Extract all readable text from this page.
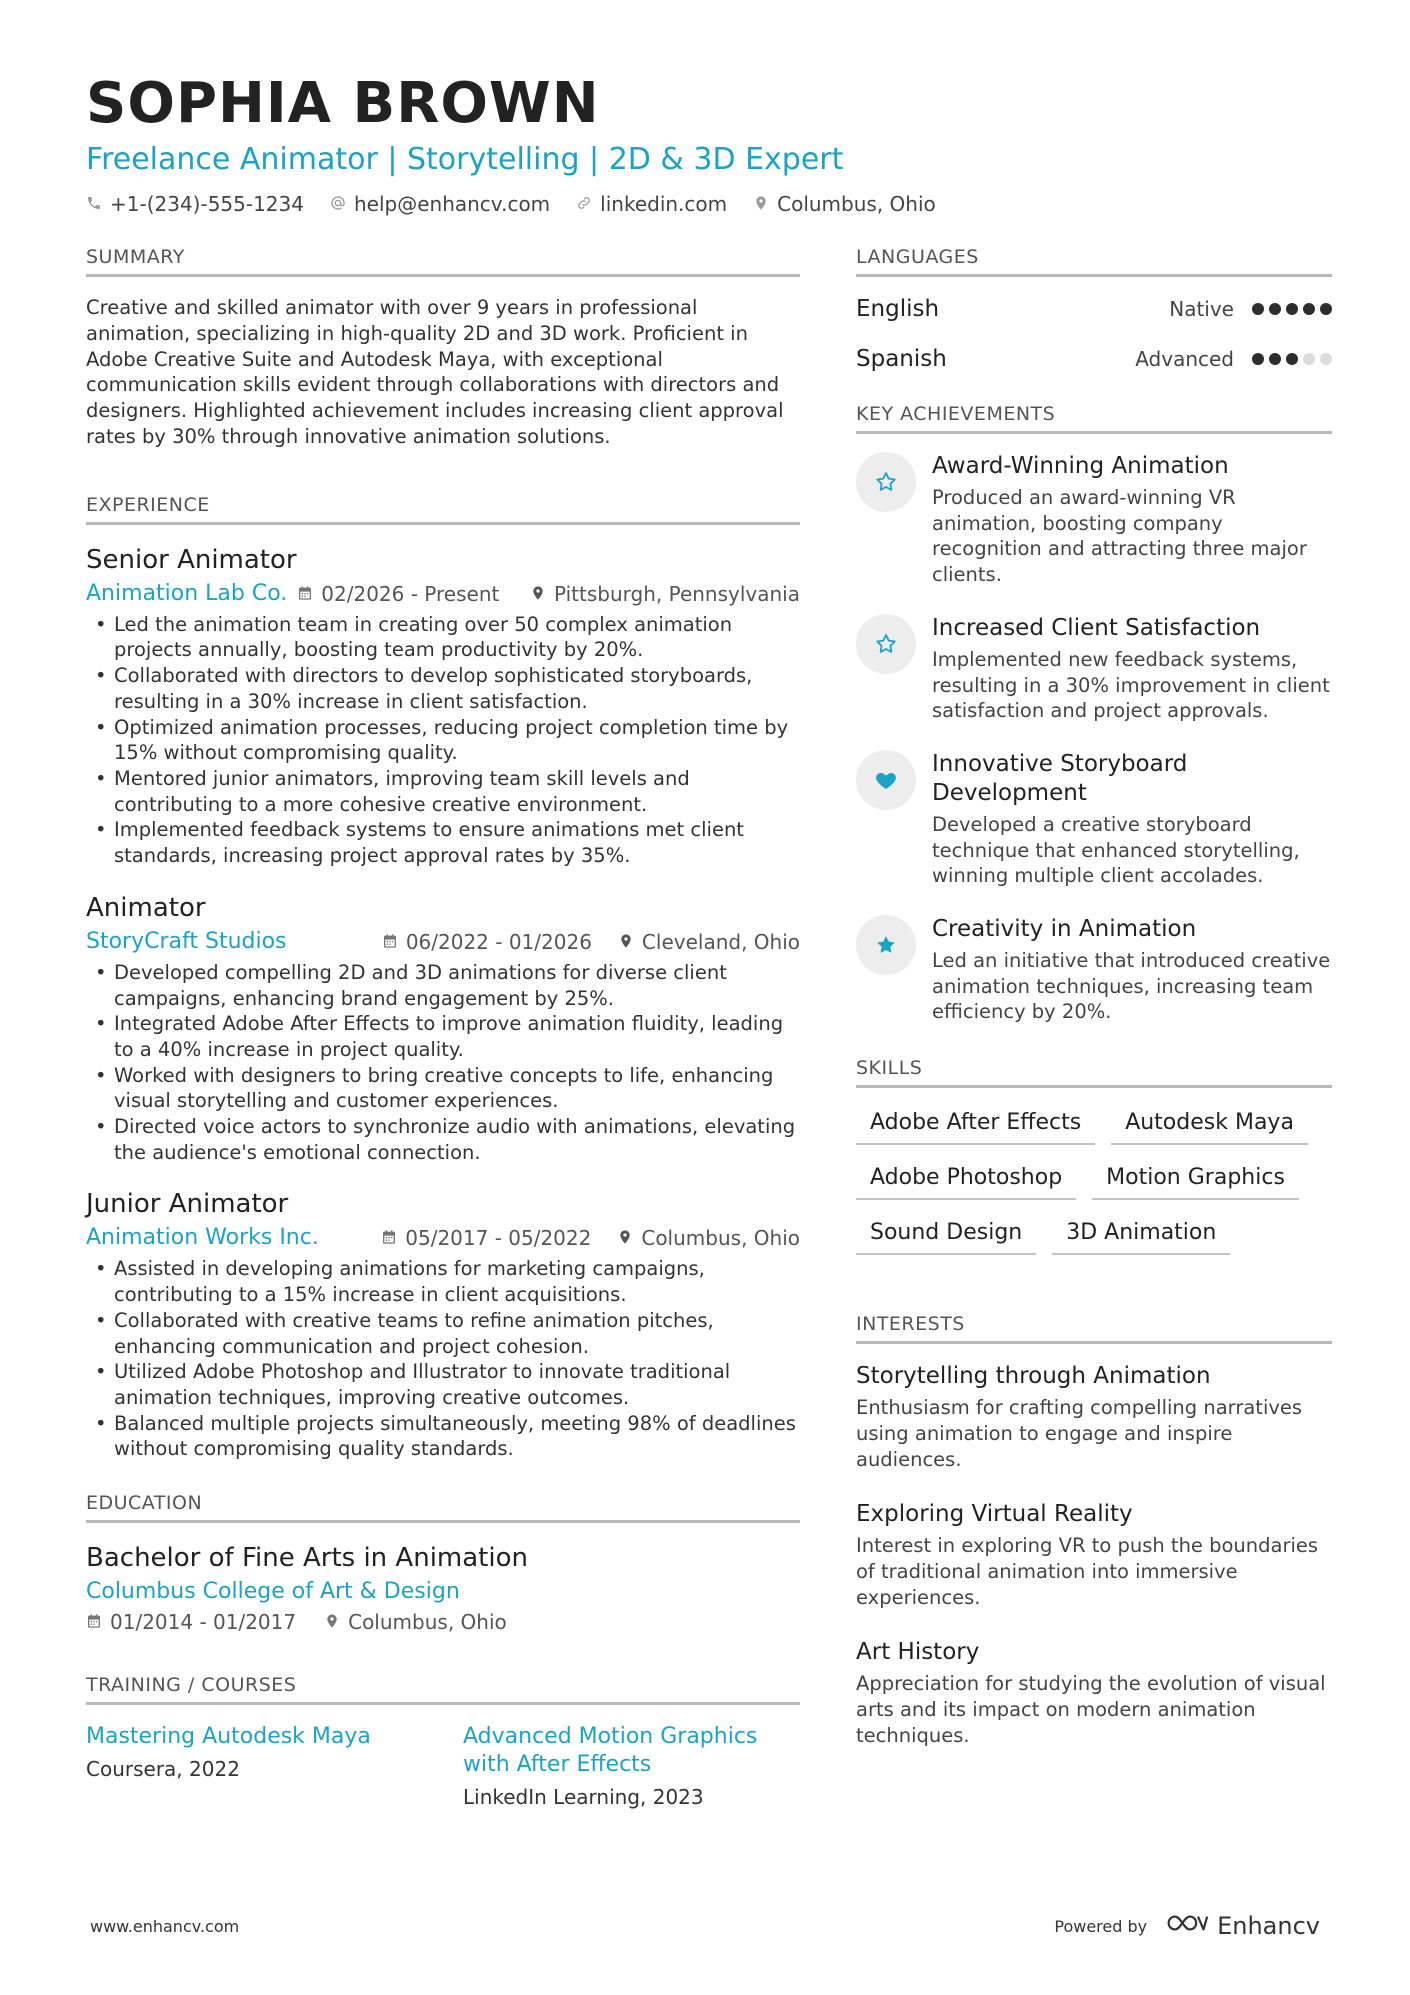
SOPHIA BROWN
Freelance Animator | Storytelling | 2D & 3D Expert
+1-(234)-555-1234	help@enhancv.com	linkedin.com	Columbus, Ohio
SUMMARY
Creative and skilled animator with over 9 years in professional animation, specializing in high-quality 2D and 3D work. Proficient in Adobe Creative Suite and Autodesk Maya, with exceptional communication skills evident through collaborations with directors and designers. Highlighted achievement includes increasing client approval rates by 30% through innovative animation solutions.
EXPERIENCE
Senior Animator
Animation Lab Co. 02/2026 - Present	Pittsburgh, Pennsylvania
• Led the animation team in creating over 50 complex animation projects annually, boosting team productivity by 20%.
• Collaborated with directors to develop sophisticated storyboards, resulting in a 30% increase in client satisfaction.
• Optimized animation processes, reducing project completion time by 15% without compromising quality.
• Mentored junior animators, improving team skill levels and contributing to a more cohesive creative environment.
• Implemented feedback systems to ensure animations met client standards, increasing project approval rates by 35%.
Animator
StoryCraft Studios	06/2022 - 01/2026	Cleveland, Ohio
• Developed compelling 2D and 3D animations for diverse client campaigns, enhancing brand engagement by 25%.
• Integrated Adobe After Effects to improve animation fluidity, leading to a 40% increase in project quality.
• Worked with designers to bring creative concepts to life, enhancing visual storytelling and customer experiences.
• Directed voice actors to synchronize audio with animations, elevating the audience's emotional connection.
Junior Animator
Animation Works Inc.	05/2017 - 05/2022	Columbus, Ohio
• Assisted in developing animations for marketing campaigns, contributing to a 15% increase in client acquisitions.
• Collaborated with creative teams to refine animation pitches, enhancing communication and project cohesion.
• Utilized Adobe Photoshop and Illustrator to innovate traditional animation techniques, improving creative outcomes.
• Balanced multiple projects simultaneously, meeting 98% of deadlines without compromising quality standards.
EDUCATION
Bachelor of Fine Arts in Animation
Columbus College of Art & Design
01/2014 - 01/2017	Columbus, Ohio
TRAINING / COURSES
Mastering Autodesk Maya
Coursera, 2022
Advanced Motion Graphics with After Effects
LinkedIn Learning, 2023
LANGUAGES
English	Native
Spanish	Advanced
KEY ACHIEVEMENTS
Award-Winning Animation
Produced an award-winning VR animation, boosting company recognition and attracting three major clients.
Increased Client Satisfaction
Implemented new feedback systems, resulting in a 30% improvement in client satisfaction and project approvals.
Innovative Storyboard Development
Developed a creative storyboard technique that enhanced storytelling, winning multiple client accolades.
Creativity in Animation
Led an initiative that introduced creative animation techniques, increasing team efficiency by 20%.
SKILLS
Adobe After Effects	Autodesk Maya
Adobe Photoshop	Motion Graphics
Sound Design	3D Animation
INTERESTS
Storytelling through Animation
Enthusiasm for crafting compelling narratives using animation to engage and inspire audiences.
Exploring Virtual Reality
Interest in exploring VR to push the boundaries of traditional animation into immersive experiences.
Art History
Appreciation for studying the evolution of visual arts and its impact on modern animation techniques.
www.enhancv.com	Powered by	Enhancv
